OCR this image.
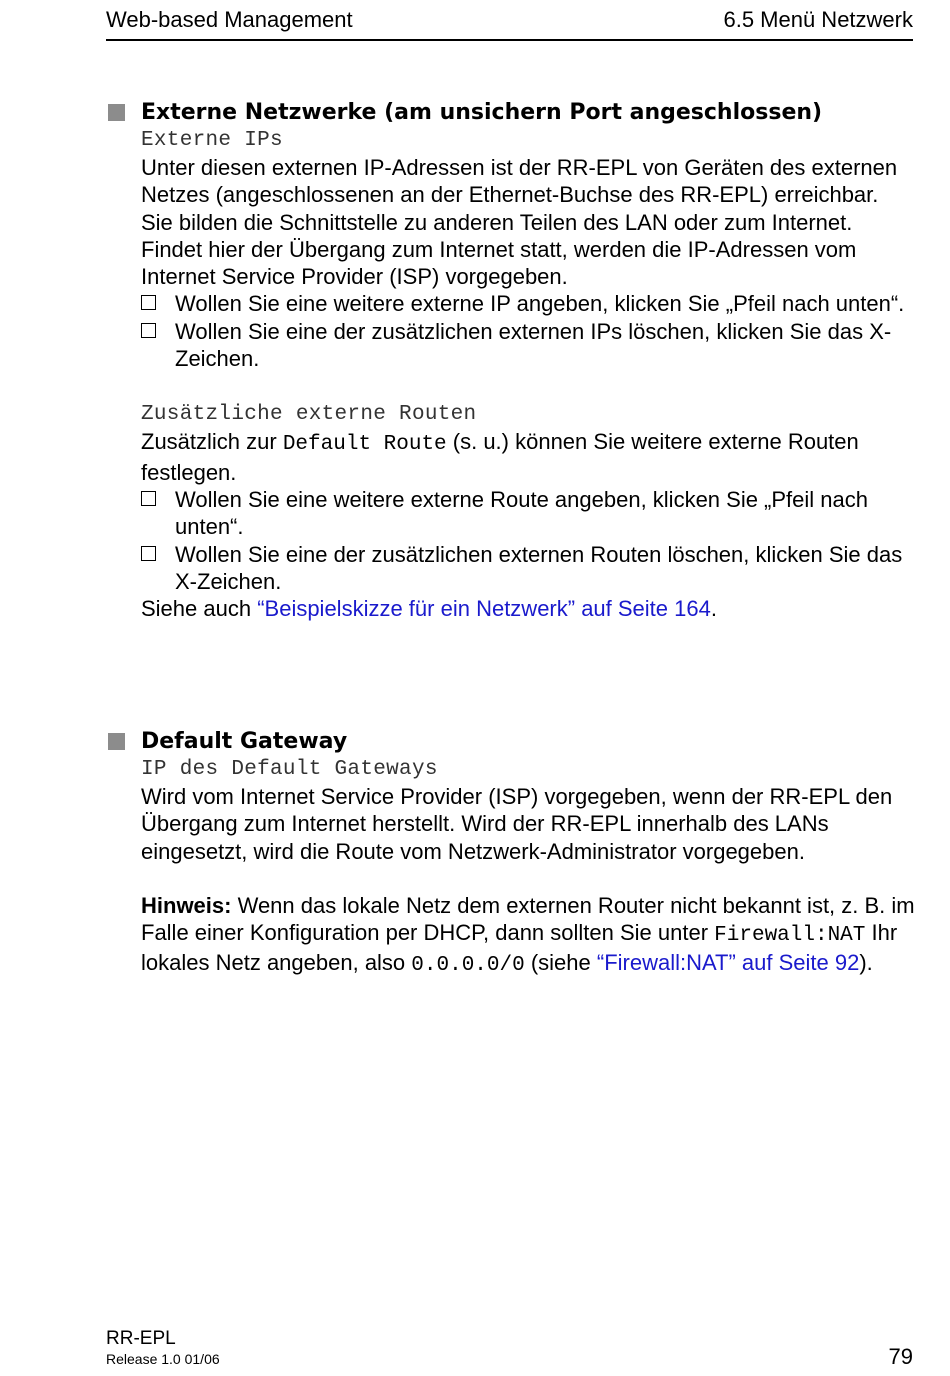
Web-based Management	6.5 Menü Netzwerk
Externe Netzwerke (am unsichern Port angeschlossen)
Externe IPs

Unter diesen externen IP-Adressen ist der RR-EPL von Geräten des externen Netzes (angeschlossenen an der Ethernet-Buchse des RR-EPL) erreichbar. Sie bilden die Schnittstelle zu anderen Teilen des LAN oder zum Internet. Findet hier der Übergang zum Internet statt, werden die IP-Adressen vom Internet Service Provider (ISP) vorgegeben.

Wollen Sie eine weitere externe IP angeben, klicken Sie „Pfeil nach unten“.
Wollen Sie eine der zusätzlichen externen IPs löschen, klicken Sie das X-Zeichen.
Zusätzliche externe Routen

Zusätzlich zur Default Route (s. u.) können Sie weitere externe Routen festlegen.

Wollen Sie eine weitere externe Route angeben, klicken Sie „Pfeil nach unten“.
Wollen Sie eine der zusätzlichen externen Routen löschen, klicken Sie das X-Zeichen.

Siehe auch “Beispielskizze für ein Netzwerk” auf Seite 164.

Default Gateway
IP des Default Gateways

Wird vom Internet Service Provider (ISP) vorgegeben, wenn der RR-EPL den Übergang zum Internet herstellt. Wird der RR-EPL innerhalb des LANs eingesetzt, wird die Route vom Netzwerk-Administrator vorgegeben.

Hinweis: Wenn das lokale Netz dem externen Router nicht bekannt ist, z. B. im Falle einer Konfiguration per DHCP, dann sollten Sie unter Firewall:NAT Ihr lokales Netz angeben, also 0.0.0.0/0 (siehe “Firewall:NAT” auf Seite 92).

RR-EPL
Release 1.0 01/06	79
